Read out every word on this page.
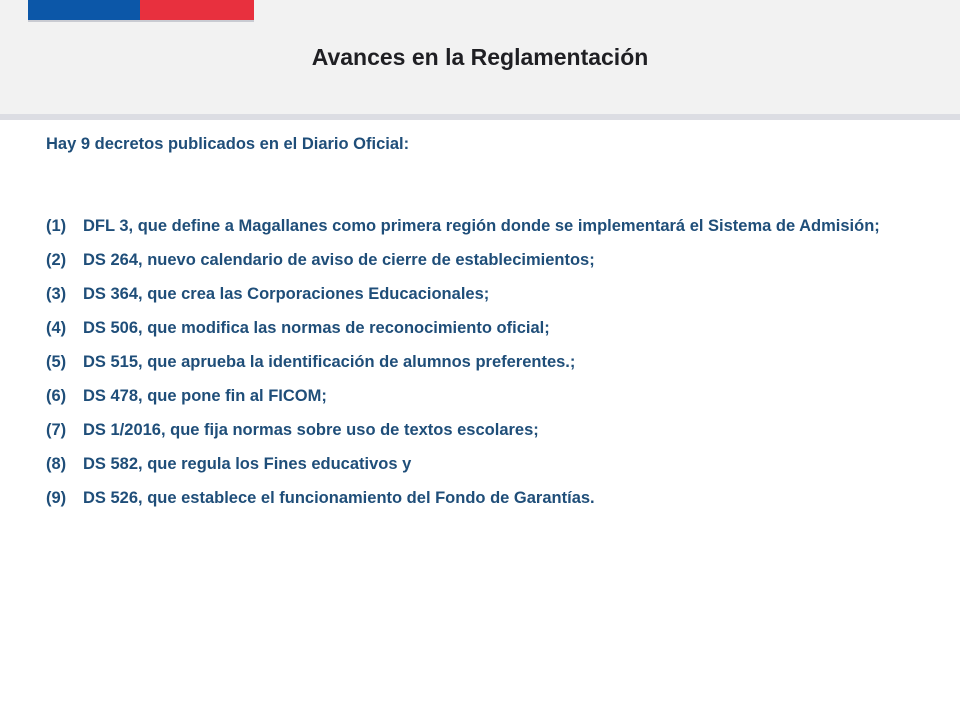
Avances en la Reglamentación

Hay 9 decretos publicados en el Diario Oficial:

(1)	DFL 3, que define a Magallanes como primera región donde se implementará el Sistema de Admisión;
(2)	DS 264, nuevo calendario de aviso de cierre de establecimientos;
(3)	DS 364, que crea las Corporaciones Educacionales;
(4)	DS 506, que modifica las normas de reconocimiento oficial;
(5)	DS 515, que aprueba la identificación de alumnos preferentes.;
(6)	DS 478, que pone fin al FICOM;
(7)	DS 1/2016, que fija normas sobre uso de textos escolares;
(8)	DS 582, que regula los Fines educativos y
(9)	DS 526, que establece el funcionamiento del Fondo de Garantías.
